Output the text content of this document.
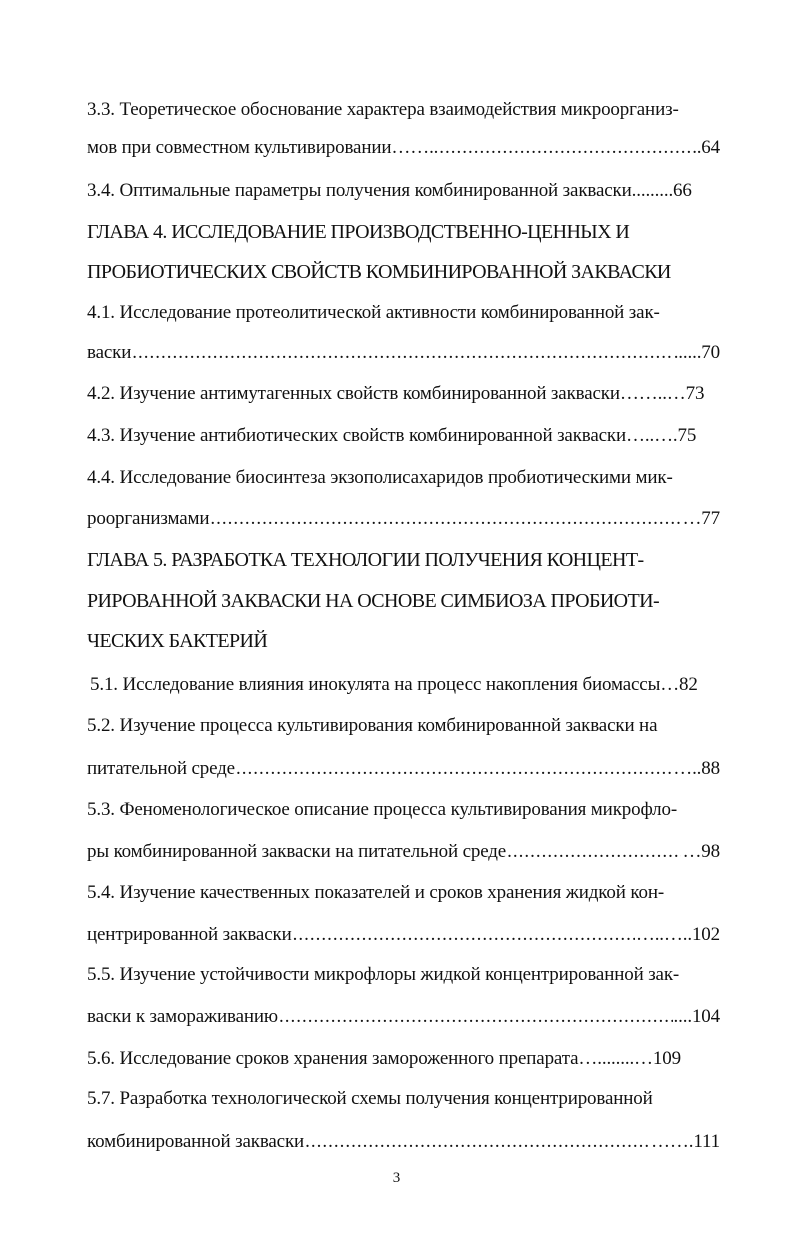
3.3. Теоретическое обоснование характера взаимодействия микроорганиз-
мов при совместном культивировании…….. .....	.64
3.4. Оптимальные параметры получения комбинированной закваски .........66
ГЛАВА 4. ИССЛЕДОВАНИЕ ПРОИЗВОДСТВЕННО-ЦЕННЫХ И
ПРОБИОТИЧЕСКИХ СВОЙСТВ КОМБИНИРОВАННОЙ ЗАКВАСКИ
4.1. Исследование протеолитической активности комбинированной зак-
васки .....	......70
4.2. Изучение антимутагенных свойств комбинированной закваски ……..…73
4.3. Изучение антибиотических свойств комбинированной закваски …..….75
4.4. Исследование биосинтеза экзополисахаридов пробиотическими мик-
роорганизмами .....	…77
ГЛАВА 5. РАЗРАБОТКА ТЕХНОЛОГИИ ПОЛУЧЕНИЯ КОНЦЕНТ-
РИРОВАННОЙ ЗАКВАСКИ НА ОСНОВЕ СИМБИОЗА ПРОБИОТИ-
ЧЕСКИХ БАКТЕРИЙ
5.1. Исследование влияния инокулята на процесс накопления биомассы …82
5.2. Изучение процесса культивирования комбинированной закваски на
питательной среде .....	…..88
5.3. Феноменологическое описание процесса культивирования микрофло-
ры комбинированной закваски на питательной среде .....	…98
5.4. Изучение качественных показателей и сроков хранения жидкой кон-
центрированной закваски .....	…..…..102
5.5. Изучение устойчивости микрофлоры жидкой концентрированной зак-
васки к замораживанию .....	....104
5.6. Исследование сроков хранения замороженного препарата …........…109
5.7. Разработка технологической схемы получения концентрированной
комбинированной закваски .....	…….111
3
